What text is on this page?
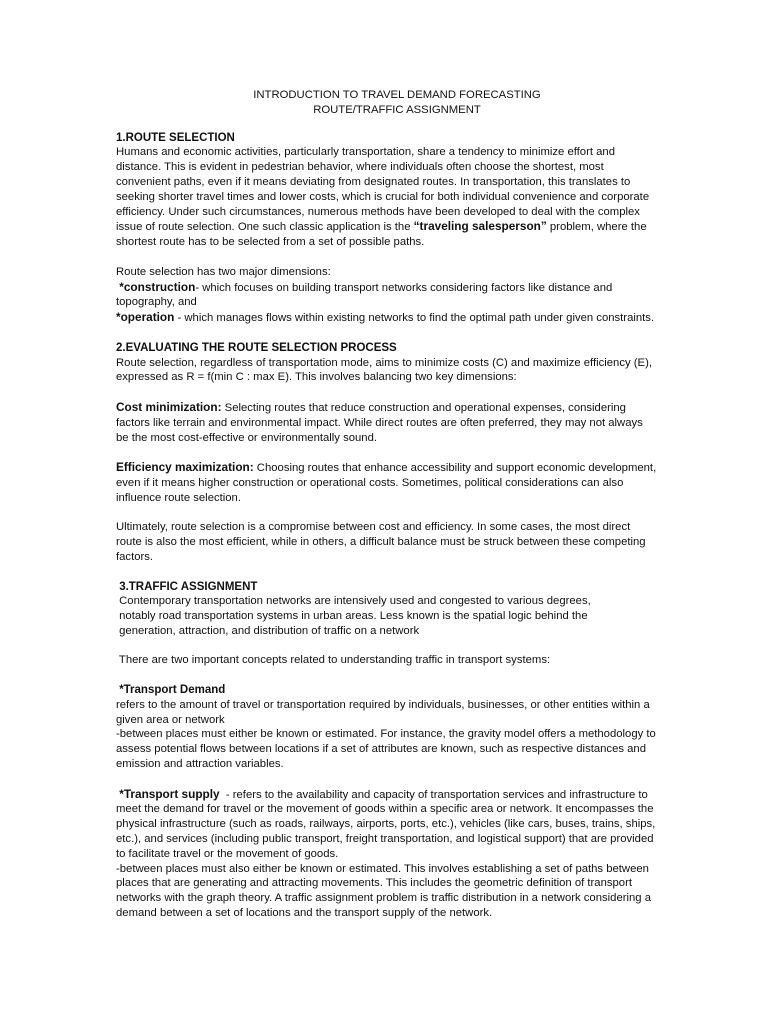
INTRODUCTION TO TRAVEL DEMAND FORECASTING

ROUTE/TRAFFIC ASSIGNMENT

1.ROUTE SELECTION

Humans and economic activities, particularly transportation, share a tendency to minimize effort and distance. This is evident in pedestrian behavior, where individuals often choose the shortest, most convenient paths, even if it means deviating from designated routes. In transportation, this translates to seeking shorter travel times and lower costs, which is crucial for both individual convenience and corporate efficiency. Under such circumstances, numerous methods have been developed to deal with the complex issue of route selection. One such classic application is the “traveling salesperson” problem, where the shortest route has to be selected from a set of possible paths.

Route selection has two major dimensions:

*construction- which focuses on building transport networks considering factors like distance and topography, and

*operation - which manages flows within existing networks to find the optimal path under given constraints.

2.EVALUATING THE ROUTE SELECTION PROCESS

Route selection, regardless of transportation mode, aims to minimize costs (C) and maximize efficiency (E), expressed as R = f(min C : max E). This involves balancing two key dimensions:

Cost minimization: Selecting routes that reduce construction and operational expenses, considering factors like terrain and environmental impact. While direct routes are often preferred, they may not always be the most cost-effective or environmentally sound.

Efficiency maximization: Choosing routes that enhance accessibility and support economic development, even if it means higher construction or operational costs. Sometimes, political considerations can also influence route selection.

Ultimately, route selection is a compromise between cost and efficiency. In some cases, the most direct route is also the most efficient, while in others, a difficult balance must be struck between these competing factors.

3.TRAFFIC ASSIGNMENT

Contemporary transportation networks are intensively used and congested to various degrees,

notably road transportation systems in urban areas. Less known is the spatial logic behind the

generation, attraction, and distribution of traffic on a network

There are two important concepts related to understanding traffic in transport systems:

*Transport Demand

refers to the amount of travel or transportation required by individuals, businesses, or other entities within a given area or network

-between places must either be known or estimated. For instance, the gravity model offers a methodology to assess potential flows between locations if a set of attributes are known, such as respective distances and emission and attraction variables.

*Transport supply  - refers to the availability and capacity of transportation services and infrastructure to meet the demand for travel or the movement of goods within a specific area or network. It encompasses the physical infrastructure (such as roads, railways, airports, ports, etc.), vehicles (like cars, buses, trains, ships, etc.), and services (including public transport, freight transportation, and logistical support) that are provided to facilitate travel or the movement of goods.

-between places must also either be known or estimated. This involves establishing a set of paths between places that are generating and attracting movements. This includes the geometric definition of transport networks with the graph theory. A traffic assignment problem is traffic distribution in a network considering a demand between a set of locations and the transport supply of the network.
